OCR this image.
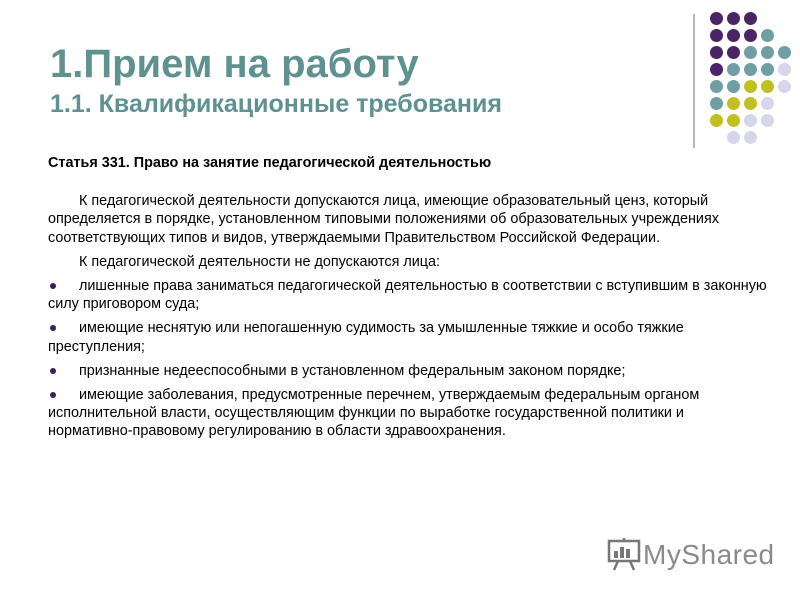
1.Прием на работу
1.1. Квалификационные требования

Статья 331. Право на занятие педагогической деятельностью

К педагогической деятельности допускаются лица, имеющие образовательный ценз, который определяется в порядке, установленном типовыми положениями об образовательных учреждениях соответствующих типов и видов, утверждаемыми Правительством Российской Федерации.

К педагогической деятельности не допускаются лица:

лишенные права заниматься педагогической деятельностью в соответствии с вступившим в законную силу приговором суда;

имеющие неснятую или непогашенную судимость за умышленные тяжкие и особо тяжкие преступления;

признанные недееспособными в установленном федеральным законом порядке;

имеющие заболевания, предусмотренные перечнем, утверждаемым федеральным органом исполнительной власти, осуществляющим функции по выработке государственной политики и нормативно-правовому регулированию в области здравоохранения.

MyShared
